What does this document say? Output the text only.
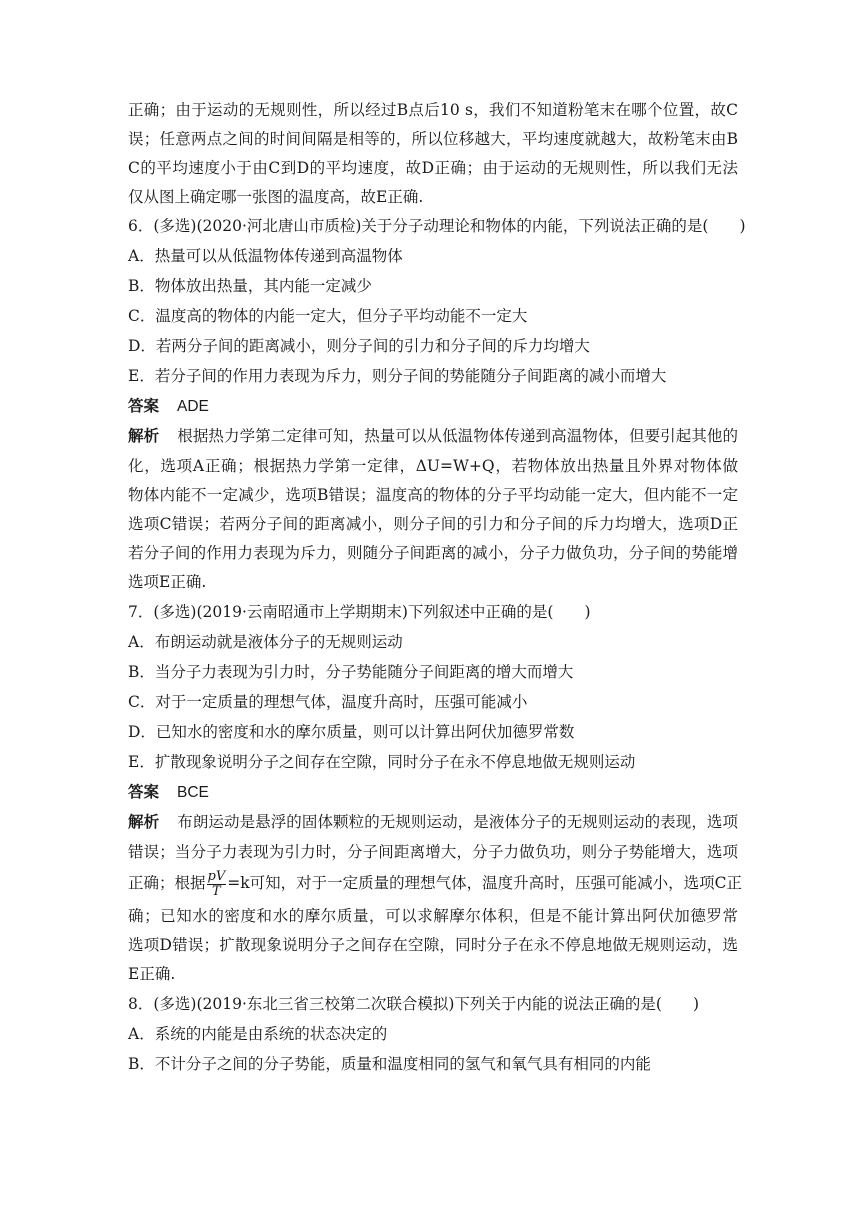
正确；由于运动的无规则性，所以经过B点后10 s，我们不知道粉笔末在哪个位置，故C
误；任意两点之间的时间间隔是相等的，所以位移越大，平均速度就越大，故粉笔末由B
C的平均速度小于由C到D的平均速度，故D正确；由于运动的无规则性，所以我们无法
仅从图上确定哪一张图的温度高，故E正确.
6．(多选)(2020·河北唐山市质检)关于分子动理论和物体的内能，下列说法正确的是(　　)
A．热量可以从低温物体传递到高温物体
B．物体放出热量，其内能一定减少
C．温度高的物体的内能一定大，但分子平均动能不一定大
D．若两分子间的距离减小，则分子间的引力和分子间的斥力均增大
E．若分子间的作用力表现为斥力，则分子间的势能随分子间距离的减小而增大
答案 ADE
解析 根据热力学第二定律可知，热量可以从低温物体传递到高温物体，但要引起其他的
化，选项A正确；根据热力学第一定律，ΔU=W+Q，若物体放出热量且外界对物体做
物体内能不一定减少，选项B错误；温度高的物体的分子平均动能一定大，但内能不一定
选项C错误；若两分子间的距离减小，则分子间的引力和分子间的斥力均增大，选项D正
若分子间的作用力表现为斥力，则随分子间距离的减小，分子力做负功，分子间的势能增
选项E正确.
7．(多选)(2019·云南昭通市上学期期末)下列叙述中正确的是(　　)
A．布朗运动就是液体分子的无规则运动
B．当分子力表现为引力时，分子势能随分子间距离的增大而增大
C．对于一定质量的理想气体，温度升高时，压强可能减小
D．已知水的密度和水的摩尔质量，则可以计算出阿伏加德罗常数
E．扩散现象说明分子之间存在空隙，同时分子在永不停息地做无规则运动
答案 BCE
解析 布朗运动是悬浮的固体颗粒的无规则运动，是液体分子的无规则运动的表现，选项
错误；当分子力表现为引力时，分子间距离增大，分子力做负功，则分子势能增大，选项
正确；根据 $\frac{pV}{T} =k$可知，对于一定质量的理想气体，温度升高时，压强可能减小，选项C正
确；已知水的密度和水的摩尔质量，可以求解摩尔体积，但是不能计算出阿伏加德罗常
选项D错误；扩散现象说明分子之间存在空隙，同时分子在永不停息地做无规则运动，选
E正确.
8．(多选)(2019·东北三省三校第二次联合模拟)下列关于内能的说法正确的是(　　)
A．系统的内能是由系统的状态决定的
B．不计分子之间的分子势能，质量和温度相同的氢气和氧气具有相同的内能
